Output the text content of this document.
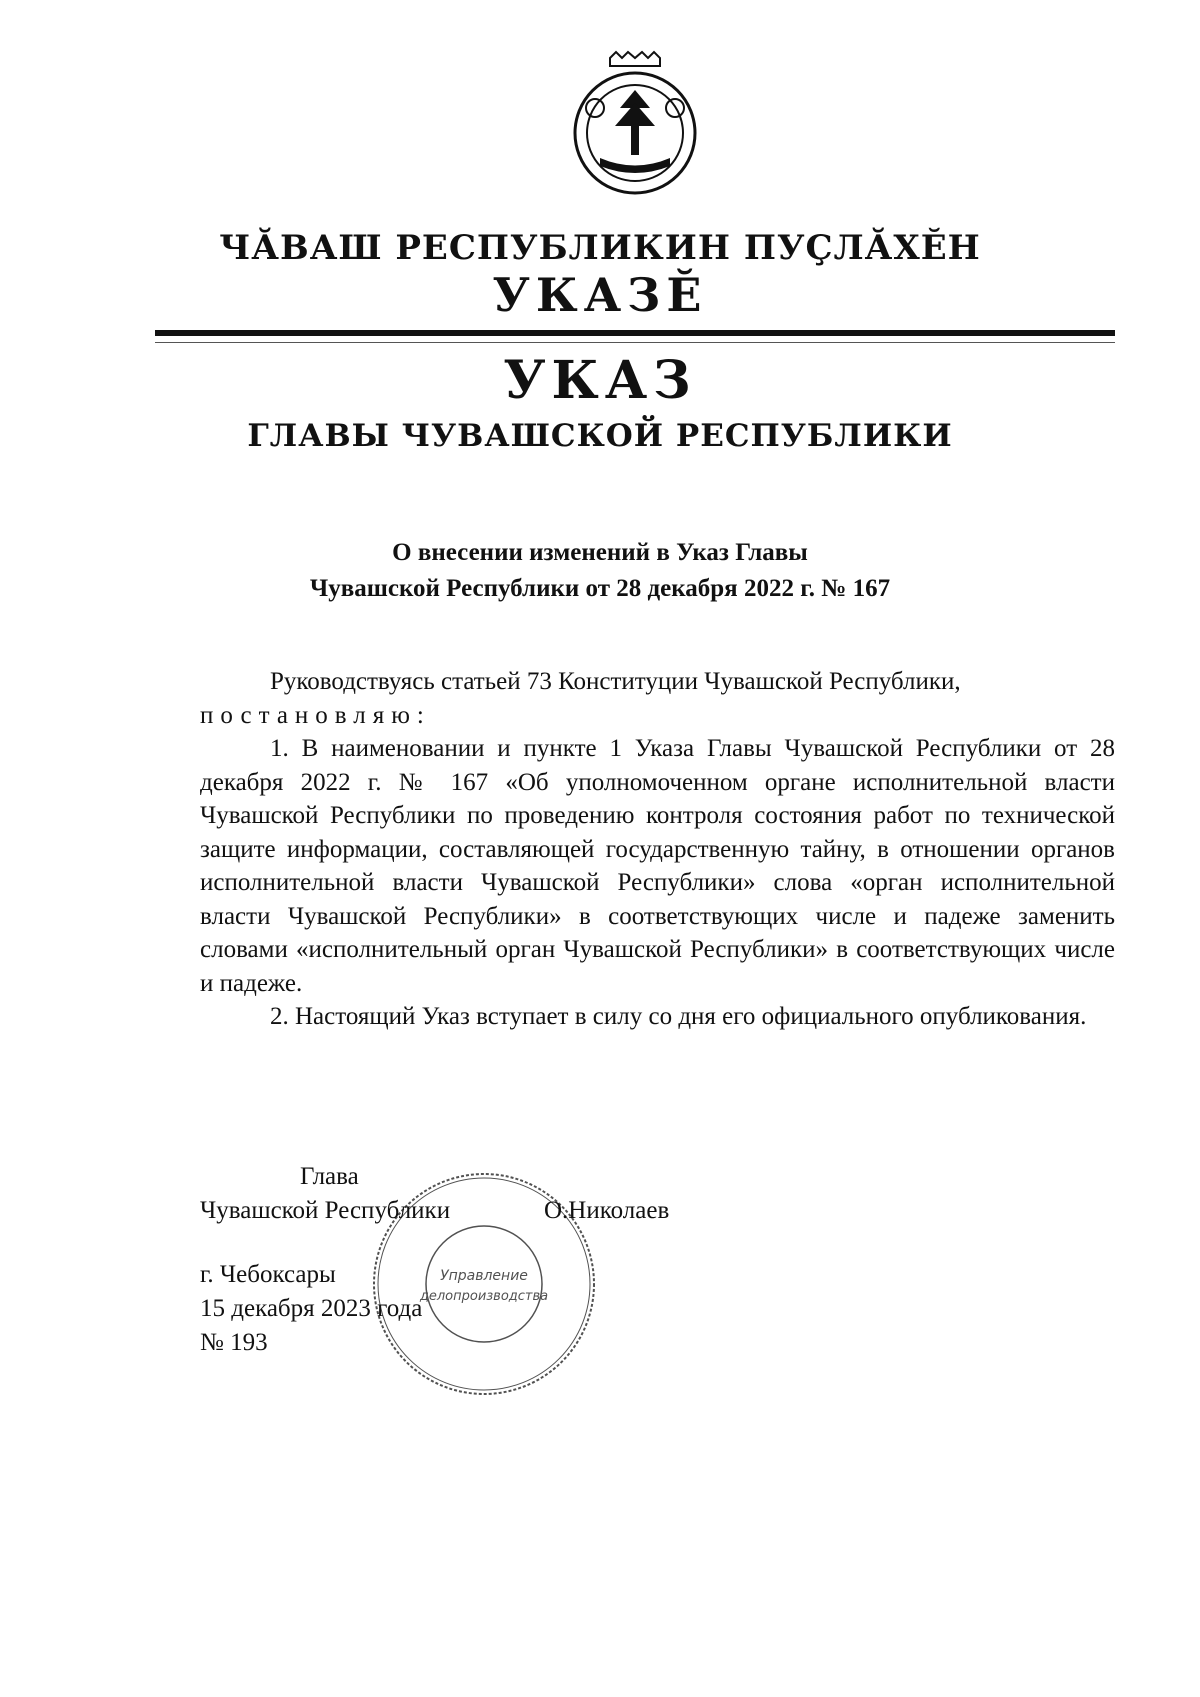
ЧӐВАШ РЕСПУБЛИКИН ПУҪЛӐХӖН
УКАЗӖ
УКАЗ
ГЛАВЫ ЧУВАШСКОЙ РЕСПУБЛИКИ
О внесении изменений в Указ Главы
Чувашской Республики от 28 декабря 2022 г. № 167

Руководствуясь статьей 73 Конституции Чувашской Республики,

постановляю:

1. В наименовании и пункте 1 Указа Главы Чувашской Республики от 28 декабря 2022 г. № 167 «Об уполномоченном органе исполнительной власти Чувашской Республики по проведению контроля состояния работ по технической защите информации, составляющей государственную тайну, в отношении органов исполнительной власти Чувашской Республики» слова «орган исполнительной власти Чувашской Республики» в соответствующих числе и падеже заменить словами «исполнительный орган Чувашской Республики» в соответствующих числе и падеже.

2. Настоящий Указ вступает в силу со дня его официального опубликования.

Управление
делопроизводства
Глава
Чувашской Республики	О.Николаев
г. Чебоксары
15 декабря 2023 года
№ 193
